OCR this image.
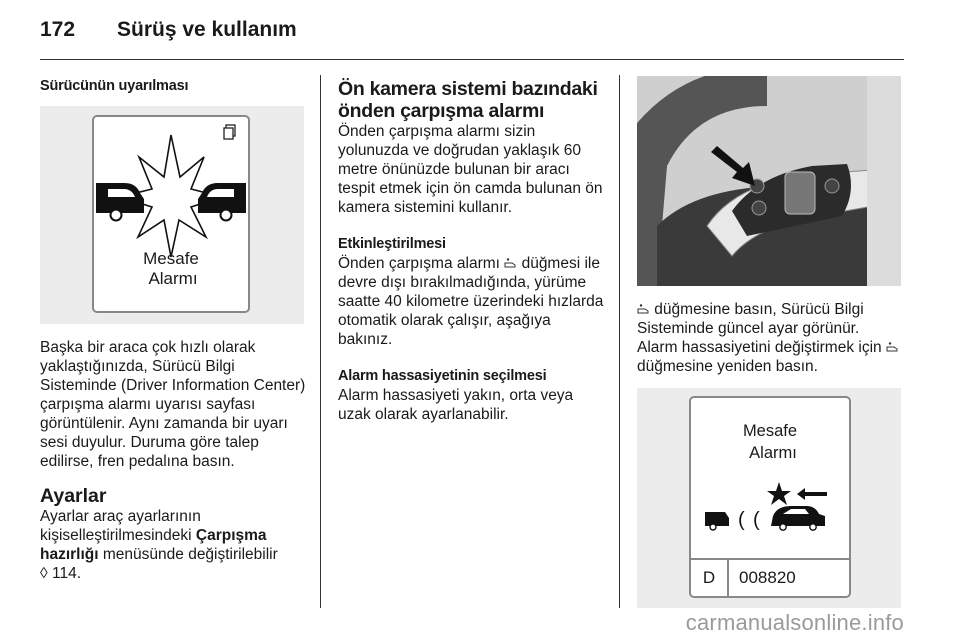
172 Sürüş ve kullanım
Sürücünün uyarılması
Mesafe
Alarmı

Başka bir araca çok hızlı olarak yaklaştığınızda, Sürücü Bilgi Sisteminde (Driver Information Center) çarpışma alarmı uyarısı sayfası görüntülenir. Aynı zamanda bir uyarı sesi duyulur. Duruma göre talep edilirse, fren pedalına basın.

Ayarlar

Ayarlar araç ayarlarının kişiselleştirilmesindeki Çarpışma hazırlığı menüsünde değiştirilebilir
◊ 114.

Ön kamera sistemi bazındaki
önden çarpışma alarmı

Önden çarpışma alarmı sizin yolunuzda ve doğrudan yaklaşık 60 metre önünüzde bulunan bir aracı tespit etmek için ön camda bulunan ön kamera sistemini kullanır.

Etkinleştirilmesi

Önden çarpışma alarmı  düğmesi ile devre dışı bırakılmadığında, yürüme saatte 40 kilometre üzerindeki hızlarda otomatik olarak çalışır, aşağıya bakınız.

Alarm hassasiyetinin seçilmesi

Alarm hassasiyeti yakın, orta veya uzak olarak ayarlanabilir.

düğmesine basın, Sürücü Bilgi Sisteminde güncel ayar görünür.
Alarm hassasiyetini değiştirmek için  düğmesine yeniden basın.

Mesafe
Alarmı
( (
D	008820
carmanualsonline.info
